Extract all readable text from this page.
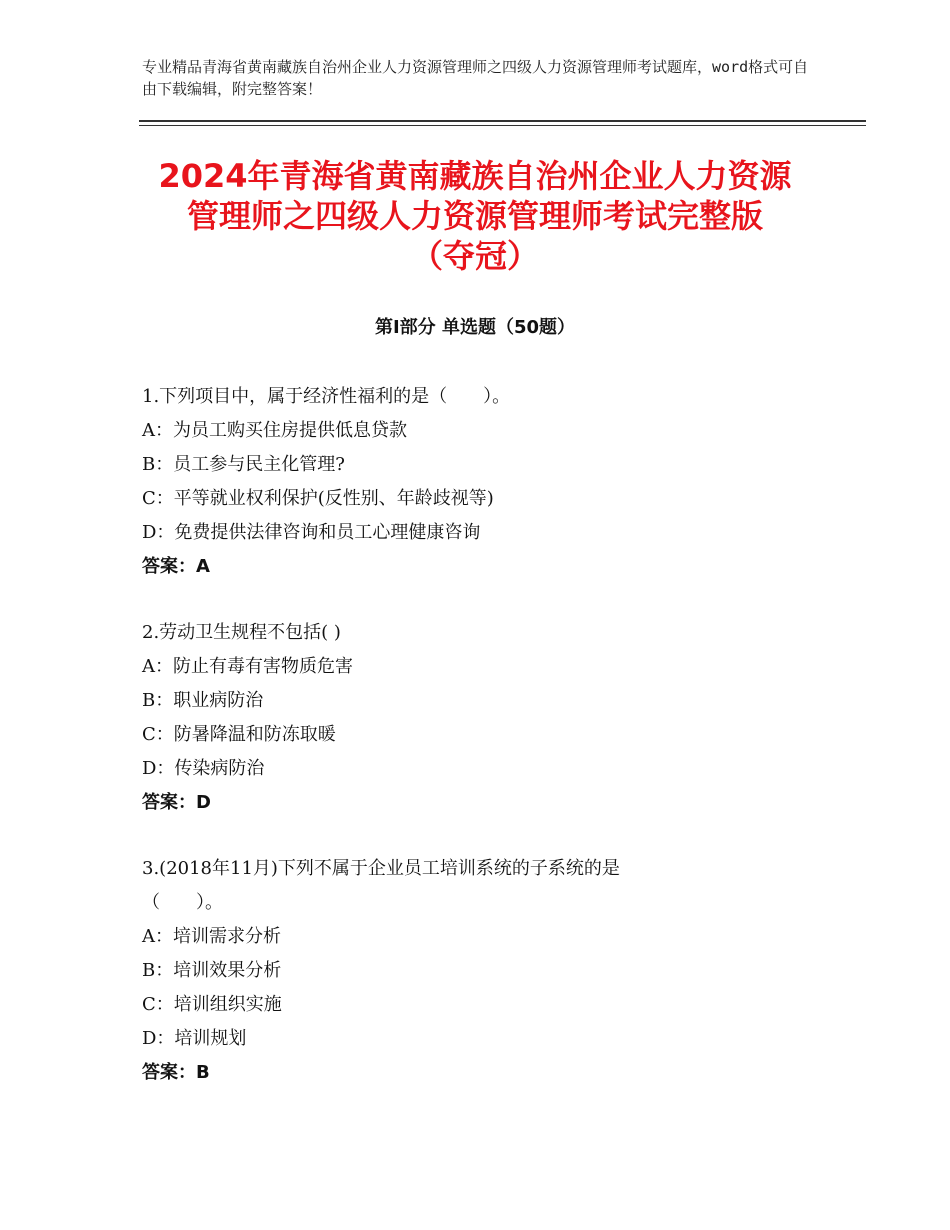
专业精品青海省黄南藏族自治州企业人力资源管理师之四级人力资源管理师考试题库，word格式可自由下载编辑，附完整答案！
2024年青海省黄南藏族自治州企业人力资源
管理师之四级人力资源管理师考试完整版
（夺冠）
第Ⅰ部分 单选题（50题）
1.下列项目中，属于经济性福利的是（　　）。
A：为员工购买住房提供低息贷款
B：员工参与民主化管理?
C：平等就业权利保护(反性别、年龄歧视等)
D：免费提供法律咨询和员工心理健康咨询
答案：A
2.劳动卫生规程不包括( )
A：防止有毒有害物质危害
B：职业病防治
C：防暑降温和防冻取暖
D：传染病防治
答案：D
3.(2018年11月)下列不属于企业员工培训系统的子系统的是
（　　）。
A：培训需求分析
B：培训效果分析
C：培训组织实施
D：培训规划
答案：B
